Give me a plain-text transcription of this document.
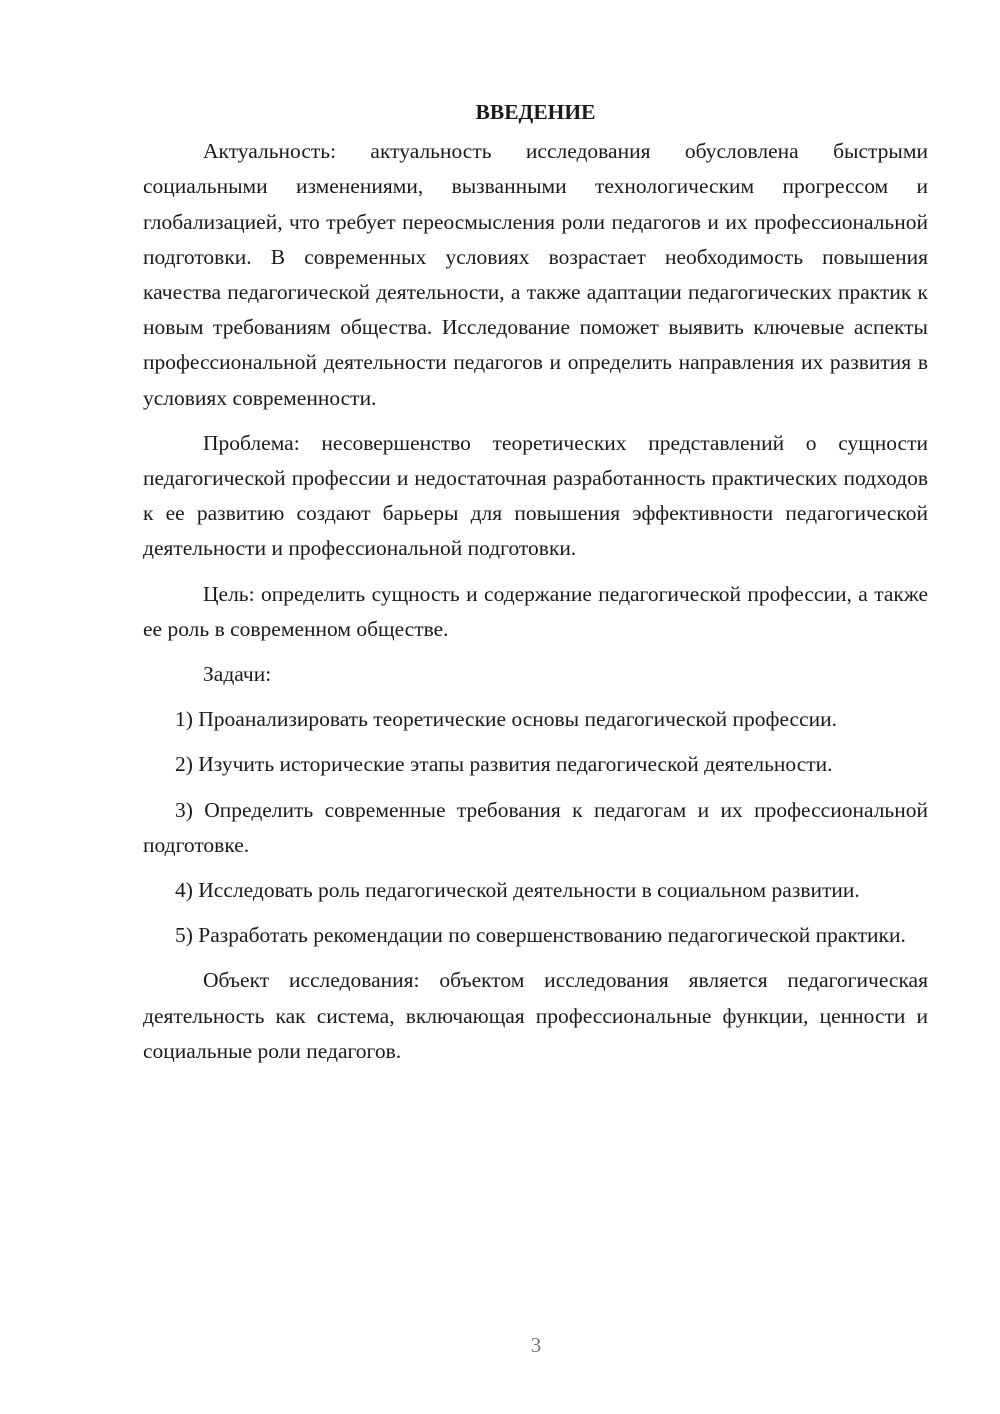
ВВЕДЕНИЕ

Актуальность: актуальность исследования обусловлена быстрыми социальными изменениями, вызванными технологическим прогрессом и глобализацией, что требует переосмысления роли педагогов и их профессиональной подготовки. В современных условиях возрастает необходимость повышения качества педагогической деятельности, а также адаптации педагогических практик к новым требованиям общества. Исследование поможет выявить ключевые аспекты профессиональной деятельности педагогов и определить направления их развития в условиях современности.

Проблема: несовершенство теоретических представлений о сущности педагогической профессии и недостаточная разработанность практических подходов к ее развитию создают барьеры для повышения эффективности педагогической деятельности и профессиональной подготовки.

Цель: определить сущность и содержание педагогической профессии, а также ее роль в современном обществе.

Задачи:

1) Проанализировать теоретические основы педагогической профессии.

2) Изучить исторические этапы развития педагогической деятельности.

3) Определить современные требования к педагогам и их профессиональной подготовке.

4) Исследовать роль педагогической деятельности в социальном развитии.

5) Разработать рекомендации по совершенствованию педагогической практики.

Объект исследования: объектом исследования является педагогическая деятельность как система, включающая профессиональные функции, ценности и социальные роли педагогов.

3
